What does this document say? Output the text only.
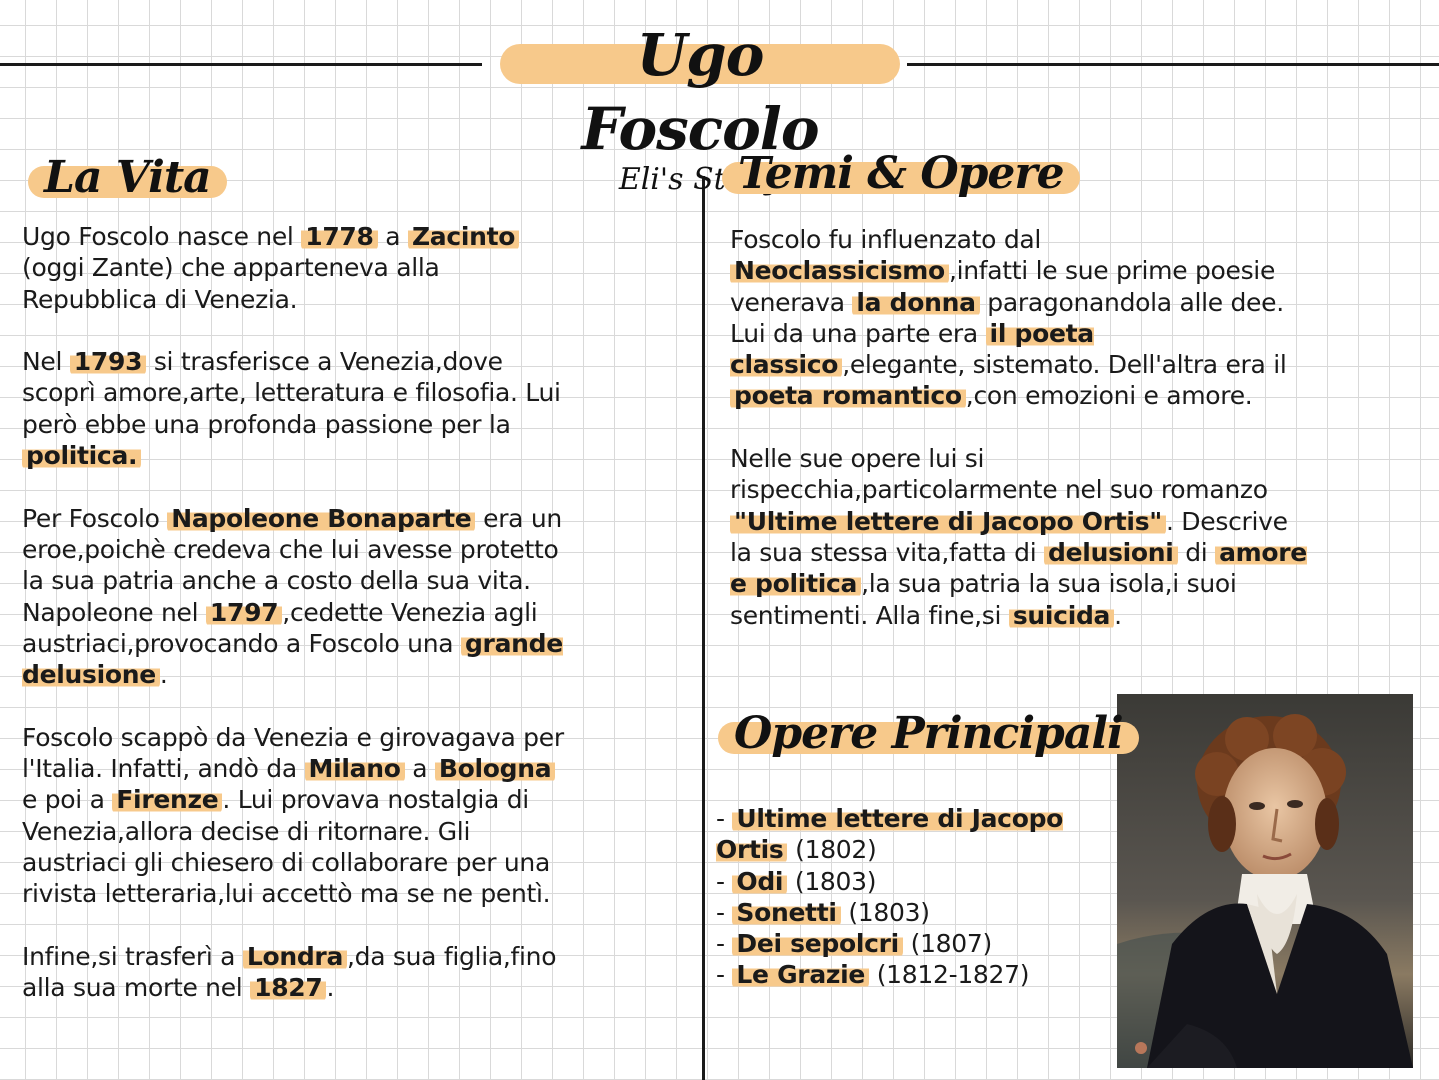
Ugo Foscolo
Eli's Study
La Vita	Temi & Opere
Opere Principali

Ugo Foscolo nasce nel 1778 a Zacinto (oggi Zante) che apparteneva alla Repubblica di Venezia.

Nel 1793 si trasferisce a Venezia,dove scoprì amore,arte, letteratura e filosofia. Lui però ebbe una profonda passione per la politica.

Per Foscolo Napoleone Bonaparte era un eroe,poichè credeva che lui avesse protetto la sua patria anche a costo della sua vita. Napoleone nel 1797 ,cedette Venezia agli austriaci,provocando a Foscolo una grande delusione .

Foscolo scappò da Venezia e girovagava per l'Italia. Infatti, andò da Milano a Bologna e poi a Firenze . Lui provava nostalgia di Venezia,allora decise di ritornare. Gli austriaci gli chiesero di collaborare per una rivista letteraria,lui accettò ma se ne pentì.

Infine,si trasferì a Londra ,da sua figlia,fino alla sua morte nel 1827 .

Foscolo fu influenzato dal Neoclassicismo ,infatti le sue prime poesie venerava la donna paragonandola alle dee. Lui da una parte era il poeta classico ,elegante, sistemato. Dell'altra era il poeta romantico ,con emozioni e amore.

Nelle sue opere lui si rispecchia,particolarmente nel suo romanzo "Ultime lettere di Jacopo Ortis" . Descrive la sua stessa vita,fatta di delusioni di amore e politica ,la sua patria la sua isola,i suoi sentimenti. Alla fine,si suicida .

- Ultime lettere di Jacopo Ortis (1802)
- Odi (1803)
- Sonetti (1803)
- Dei sepolcri (1807)
- Le Grazie (1812-1827)
